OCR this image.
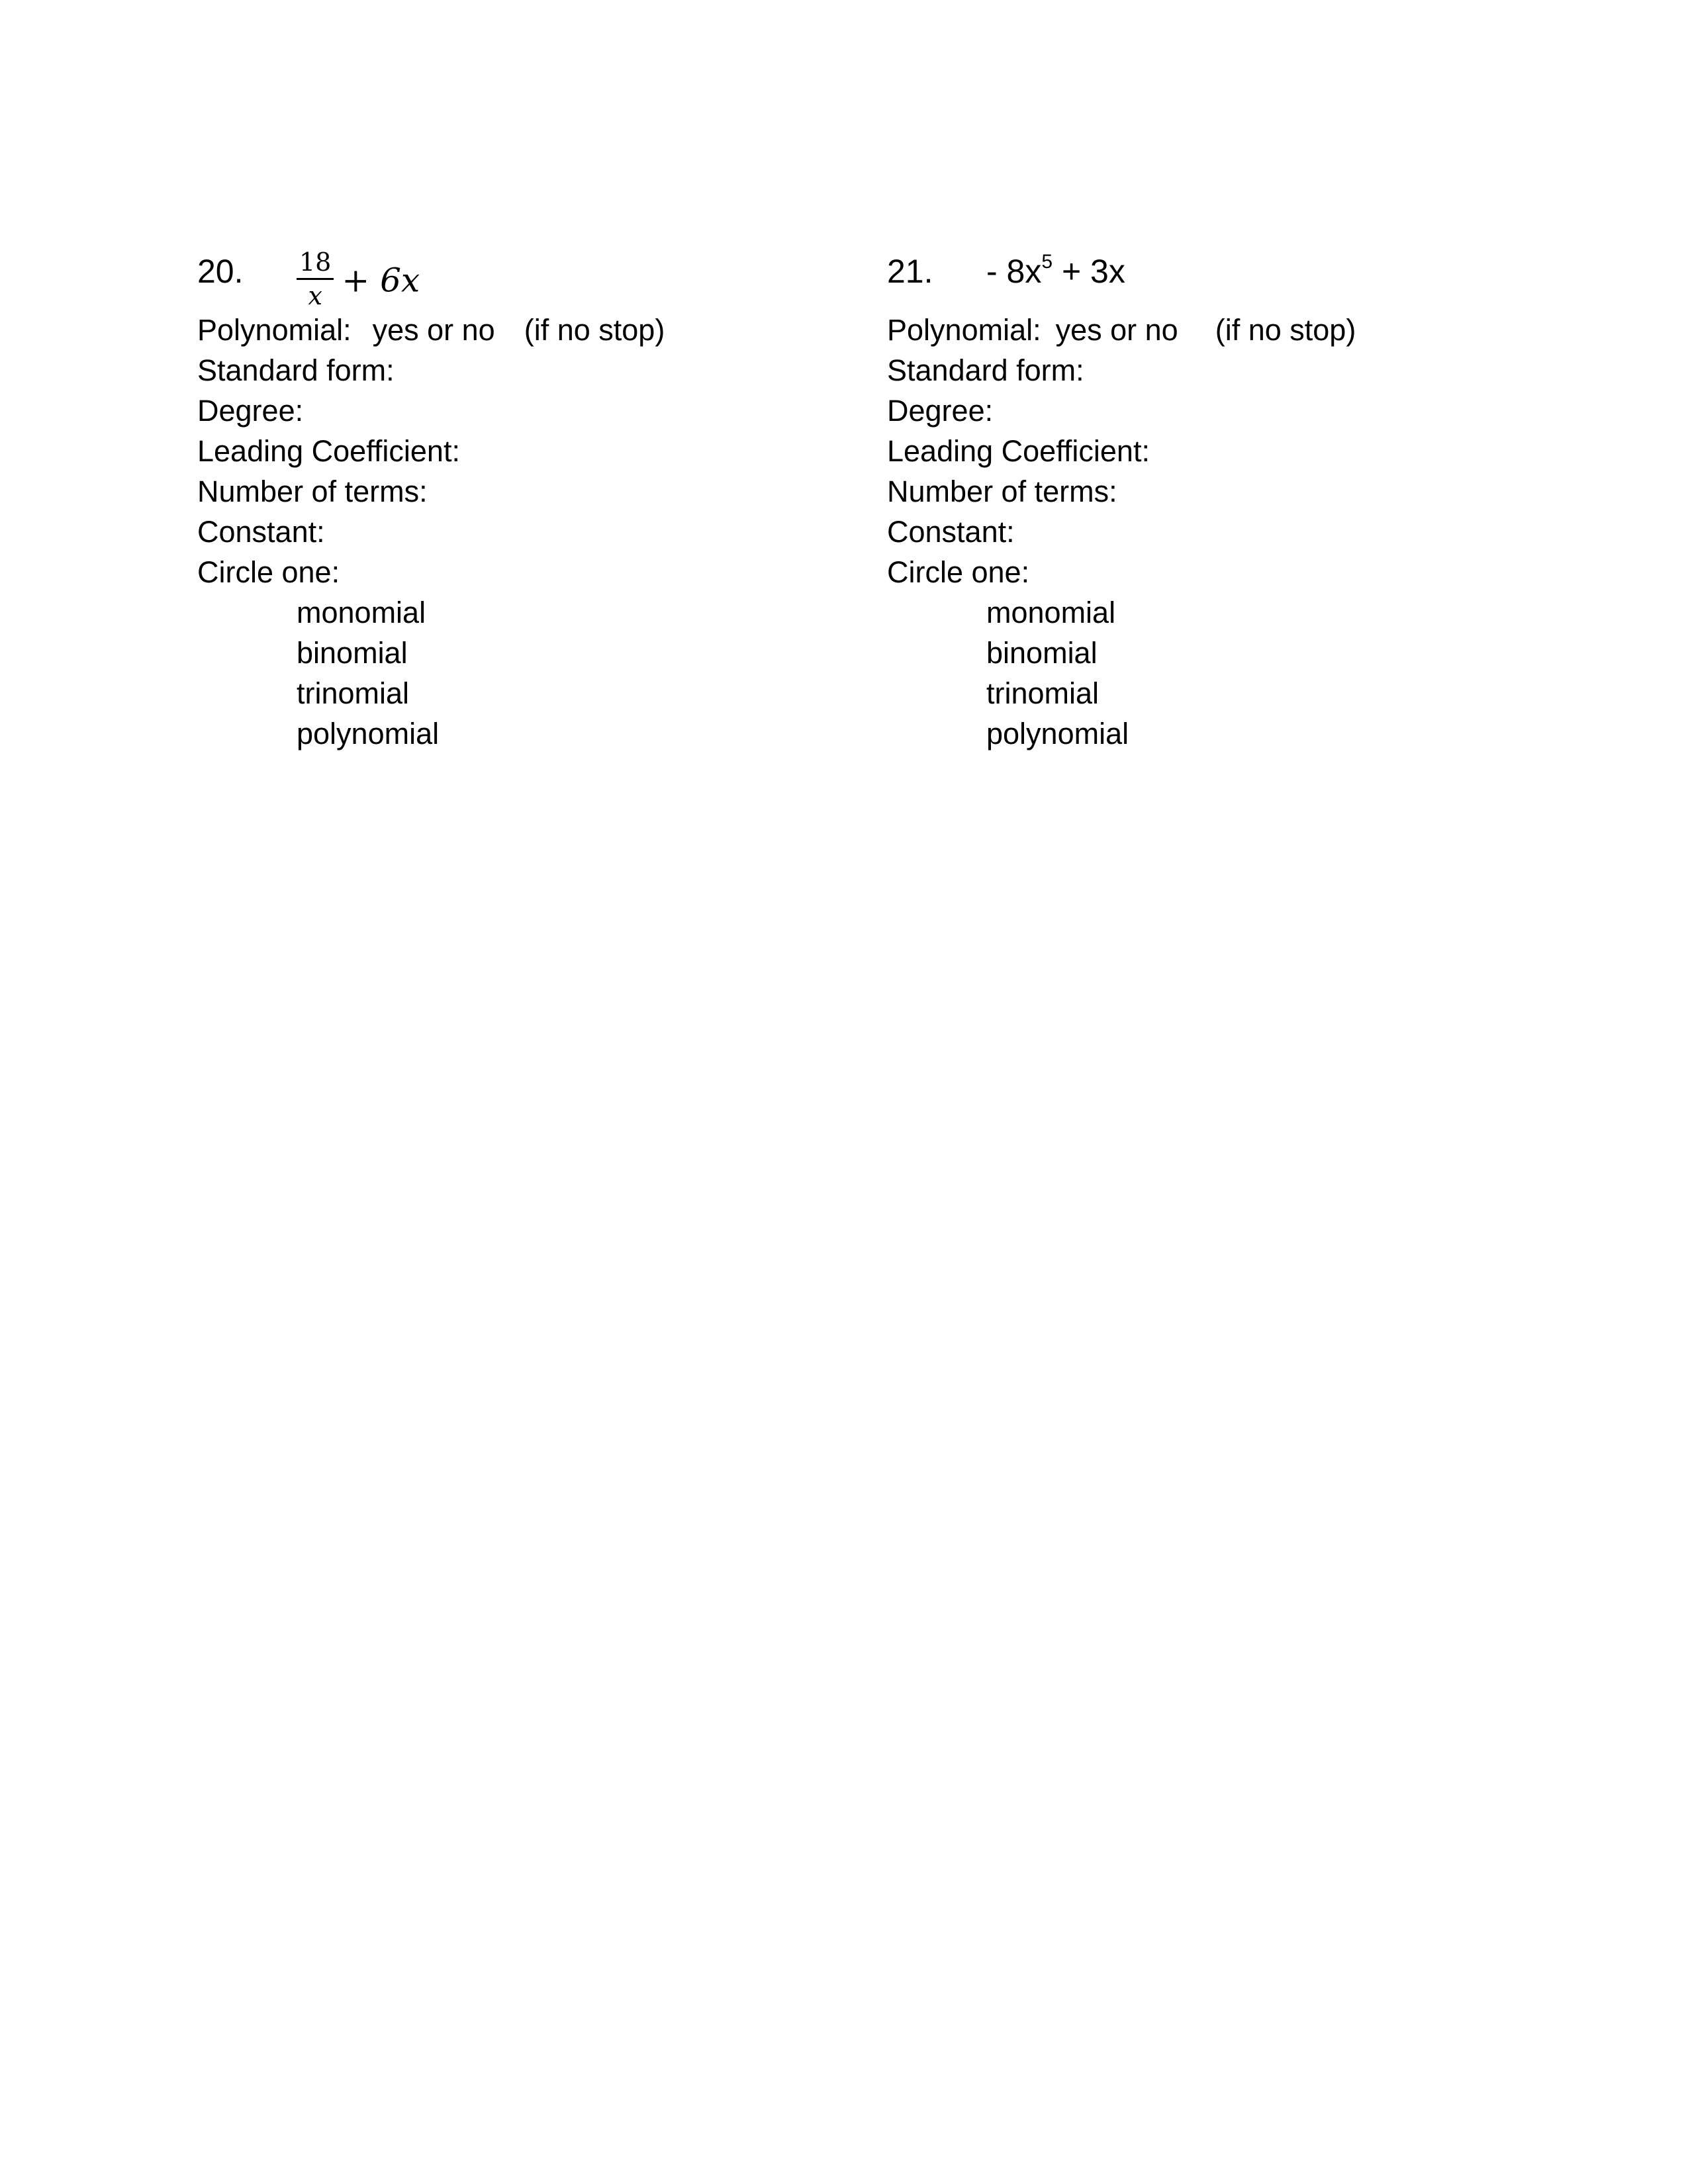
20. $\frac{18}{x} + 6x$
Polynomial: yes or no (if no stop)
Standard form:
Degree:
Leading Coefficient:
Number of terms:
Constant:
Circle one:
monomial
binomial
trinomial
polynomial
21. - $8x^5 + 3x$
Polynomial: yes or no (if no stop)
Standard form:
Degree:
Leading Coefficient:
Number of terms:
Constant:
Circle one:
monomial
binomial
trinomial
polynomial
